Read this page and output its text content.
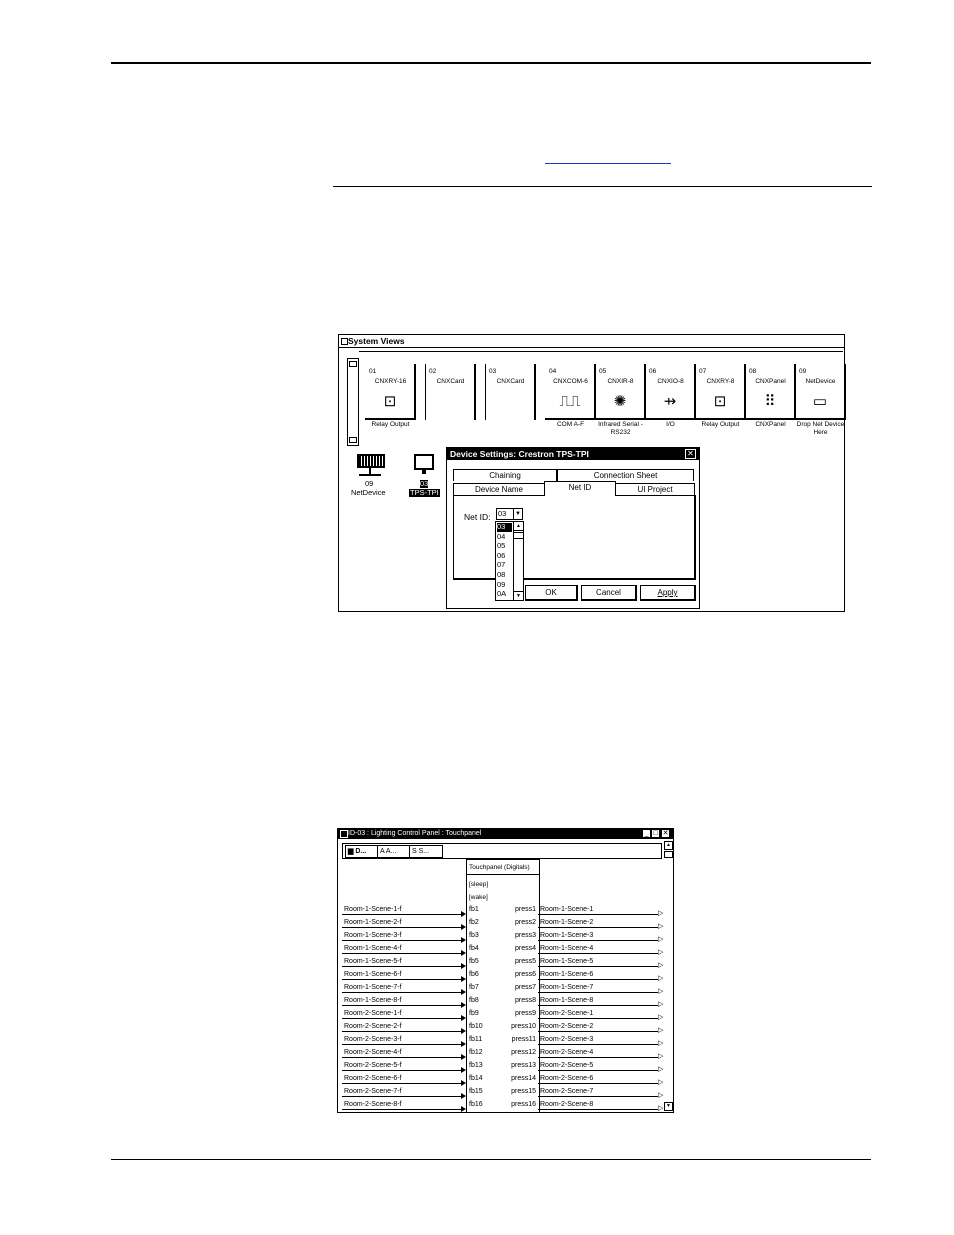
System Views
01
CNXRY-16
⊡
Relay Output
02
CNXCard
03
CNXCard
04
CNXCOM-6
⎍⎍
COM A-F
05
CNXIR-8
✺
Infrared Serial - RS232
06
CNXIO-8
⇸
I/O
07
CNXRY-8
⊡
Relay Output
08
CNXPanel
⠿
CNXPanel
09
NetDevice
▭
Drop Net Device Here
09
NetDevice
03
TPS-TPI
Device Settings: Crestron TPS-TPI	✕
Chaining	Connection Sheet
Device Name	Net ID	UI Project
Net ID: 03	▼
03
04
05
06
07
08
09
0A
▲
▼	OK	Cancel	Apply
ID-03 : Lighting Control Panel : Touchpanel	_ □ ✕
▆ D...	A A...	S S...
▲
▼
Touchpanel (Digitals)
[sleep]
[wake]
Room-1-Scene-1-f	fb1	press1 Room-1-Scene-1
▷
Room-1-Scene-2-f	fb2	press2 Room-1-Scene-2
▷
Room-1-Scene-3-f	fb3	press3 Room-1-Scene-3
▷
Room-1-Scene-4-f	fb4	press4 Room-1-Scene-4
▷
Room-1-Scene-5-f	fb5	press5 Room-1-Scene-5
▷
Room-1-Scene-6-f	fb6	press6 Room-1-Scene-6
▷
Room-1-Scene-7-f	fb7	press7 Room-1-Scene-7
▷
Room-1-Scene-8-f	fb8	press8 Room-1-Scene-8
▷
Room-2-Scene-1-f	fb9	press9 Room-2-Scene-1
▷
Room-2-Scene-2-f	fb10	press10 Room-2-Scene-2
▷
Room-2-Scene-3-f	fb11	press11 Room-2-Scene-3
▷
Room-2-Scene-4-f	fb12	press12 Room-2-Scene-4
▷
Room-2-Scene-5-f	fb13	press13 Room-2-Scene-5
▷
Room-2-Scene-6-f	fb14	press14 Room-2-Scene-6
▷
Room-2-Scene-7-f	fb15	press15 Room-2-Scene-7
▷
Room-2-Scene-8-f	fb16	press16 Room-2-Scene-8
▷
